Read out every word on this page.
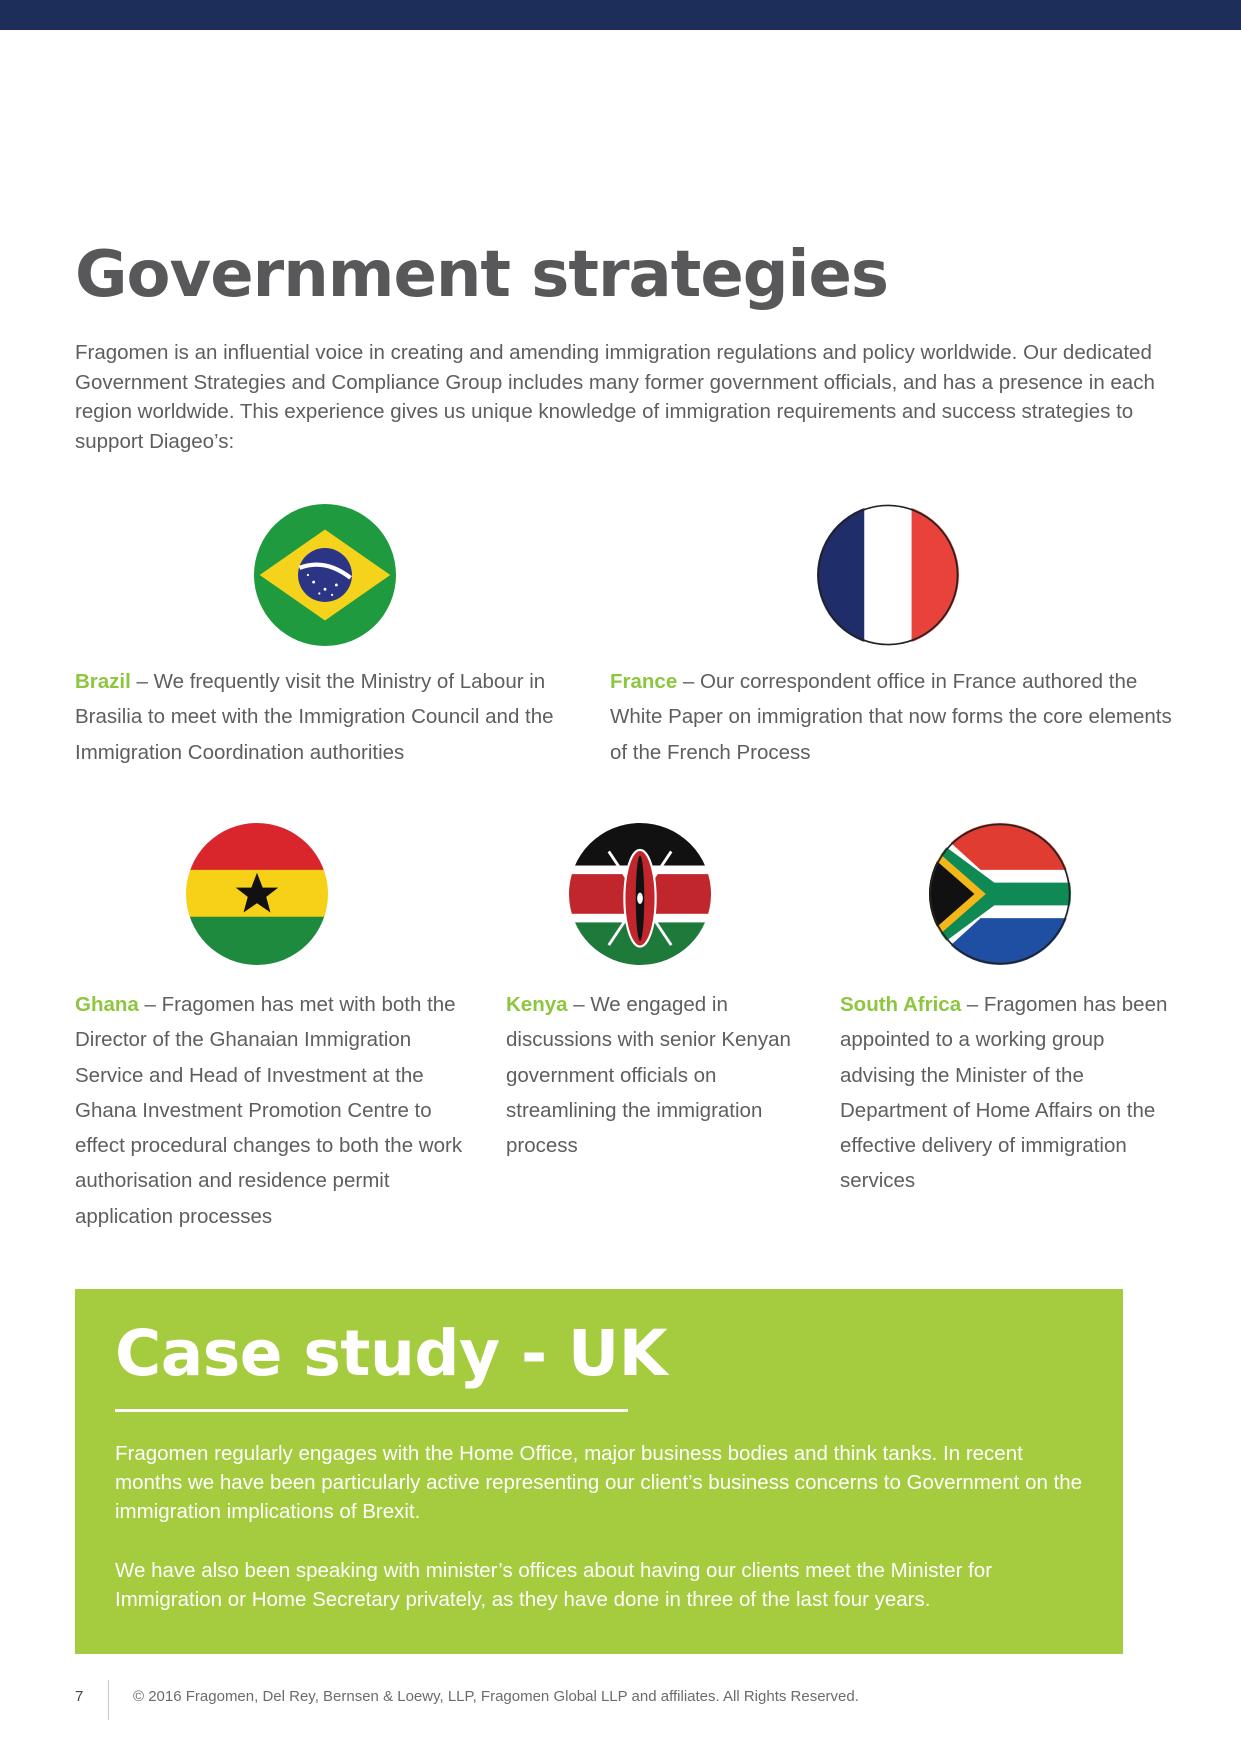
Government strategies

Fragomen is an influential voice in creating and amending immigration regulations and policy worldwide. Our dedicated Government Strategies and Compliance Group includes many former government officials, and has a presence in each region worldwide. This experience gives us unique knowledge of immigration requirements and success strategies to support Diageo’s:

Brazil – We frequently visit the Ministry of Labour in Brasilia to meet with the Immigration Council and the Immigration Coordination authorities

France – Our correspondent office in France authored the White Paper on immigration that now forms the core elements of the French Process

Ghana – Fragomen has met with both the Director of the Ghanaian Immigration Service and Head of Investment at the Ghana Investment Promotion Centre to effect procedural changes to both the work authorisation and residence permit application processes

Kenya – We engaged in discussions with senior Kenyan government officials on streamlining the immigration process

South Africa – Fragomen has been appointed to a working group advising the Minister of the Department of Home Affairs on the effective delivery of immigration services

Case study - UK

Fragomen regularly engages with the Home Office, major business bodies and think tanks. In recent months we have been particularly active representing our client’s business concerns to Government on the immigration implications of Brexit.

We have also been speaking with minister’s offices about having our clients meet the Minister for Immigration or Home Secretary privately, as they have done in three of the last four years.

7	© 2016 Fragomen, Del Rey, Bernsen & Loewy, LLP, Fragomen Global LLP and affiliates. All Rights Reserved.
